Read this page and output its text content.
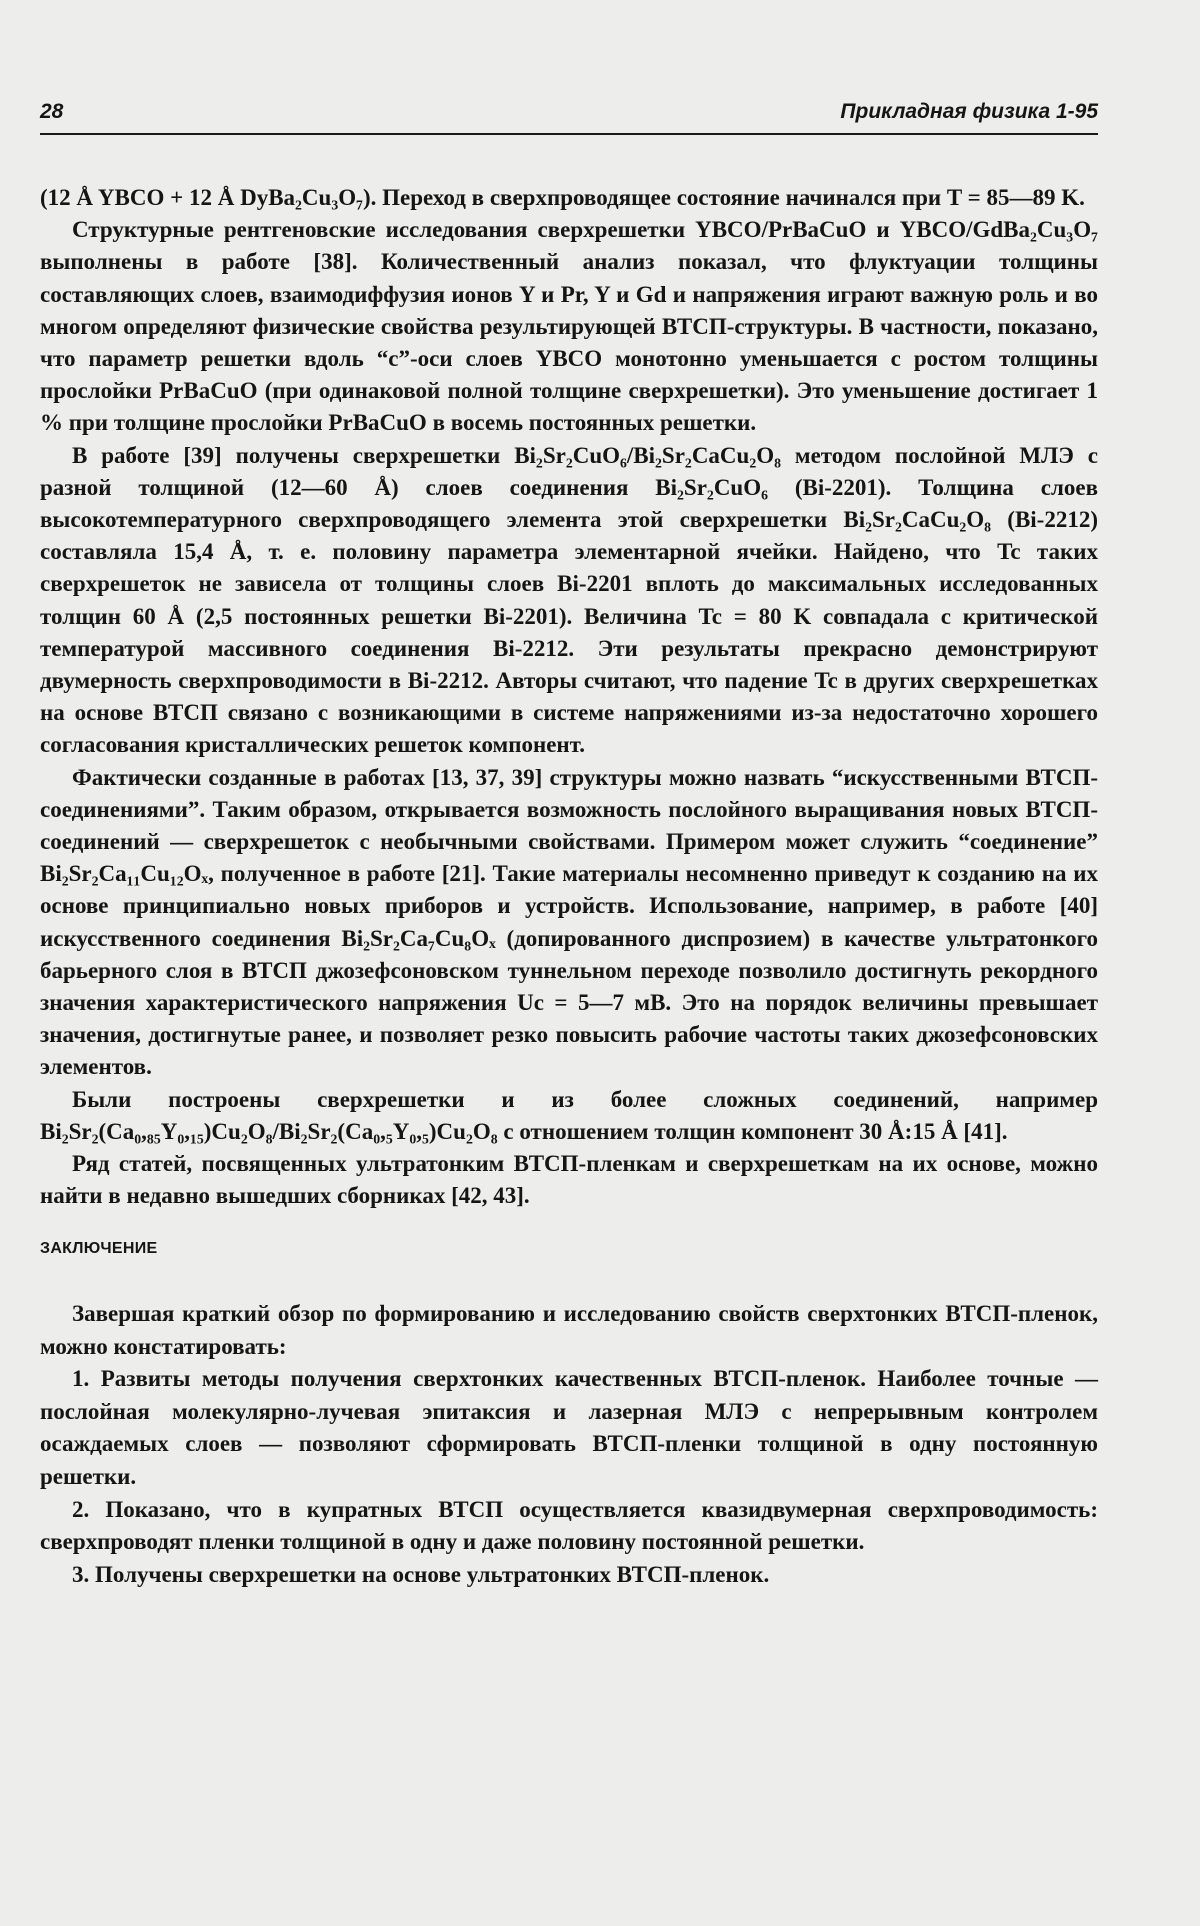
28	Прикладная физика 1-95

(12 Å YBCO + 12 Å DyBa₂Cu₃O₇). Переход в сверхпроводящее состояние начинался при T = 85—89 K.

Структурные рентгеновские исследования сверхрешетки YBCO/PrBaCuO и YBCO/GdBa₂Cu₃O₇ выполнены в работе [38]. Количественный анализ показал, что флуктуации толщины составляющих слоев, взаимодиффузия ионов Y и Pr, Y и Gd и напряжения играют важную роль и во многом определяют физические свойства результирующей ВТСП-структуры. В частности, показано, что параметр решетки вдоль “c”-оси слоев YBCO монотонно уменьшается с ростом толщины прослойки PrBaCuO (при одинаковой полной толщине сверхрешетки). Это уменьшение достигает 1 % при толщине прослойки PrBaCuO в восемь постоянных решетки.

В работе [39] получены сверхрешетки Bi₂Sr₂CuO₆/Bi₂Sr₂CaCu₂O₈ методом послойной МЛЭ с разной толщиной (12—60 Å) слоев соединения Bi₂Sr₂CuO₆ (Bi-2201). Толщина слоев высокотемпературного сверхпроводящего элемента этой сверхрешетки Bi₂Sr₂CaCu₂O₈ (Bi-2212) составляла 15,4 Å, т. е. половину параметра элементарной ячейки. Найдено, что Tc таких сверхрешеток не зависела от толщины слоев Bi-2201 вплоть до максимальных исследованных толщин 60 Å (2,5 постоянных решетки Bi-2201). Величина Tc = 80 K совпадала с критической температурой массивного соединения Bi-2212. Эти результаты прекрасно демонстрируют двумерность сверхпроводимости в Bi-2212. Авторы считают, что падение Tc в других сверхрешетках на основе ВТСП связано с возникающими в системе напряжениями из-за недостаточно хорошего согласования кристаллических решеток компонент.

Фактически созданные в работах [13, 37, 39] структуры можно назвать “искусственными ВТСП-соединениями”. Таким образом, открывается возможность послойного выращивания новых ВТСП-соединений — сверхрешеток с необычными свойствами. Примером может служить “соединение” Bi₂Sr₂Ca₁₁Cu₁₂Oₓ, полученное в работе [21]. Такие материалы несомненно приведут к созданию на их основе принципиально новых приборов и устройств. Использование, например, в работе [40] искусственного соединения Bi₂Sr₂Ca₇Cu₈Oₓ (допированного диспрозием) в качестве ультратонкого барьерного слоя в ВТСП джозефсоновском туннельном переходе позволило достигнуть рекордного значения характеристического напряжения Uc = 5—7 мВ. Это на порядок величины превышает значения, достигнутые ранее, и позволяет резко повысить рабочие частоты таких джозефсоновских элементов.

Были построены сверхрешетки и из более сложных соединений, например Bi₂Sr₂(Ca₀,₈₅Y₀,₁₅)Cu₂O₈/Bi₂Sr₂(Ca₀,₅Y₀,₅)Cu₂O₈ с отношением толщин компонент 30 Å:15 Å [41].

Ряд статей, посвященных ультратонким ВТСП-пленкам и сверхрешеткам на их основе, можно найти в недавно вышедших сборниках [42, 43].

ЗАКЛЮЧЕНИЕ

Завершая краткий обзор по формированию и исследованию свойств сверхтонких ВТСП-пленок, можно констатировать:

1. Развиты методы получения сверхтонких качественных ВТСП-пленок. Наиболее точные — послойная молекулярно-лучевая эпитаксия и лазерная МЛЭ с непрерывным контролем осаждаемых слоев — позволяют сформировать ВТСП-пленки толщиной в одну постоянную решетки.

2. Показано, что в купратных ВТСП осуществляется квазидвумерная сверхпроводимость: сверхпроводят пленки толщиной в одну и даже половину постоянной решетки.

3. Получены сверхрешетки на основе ультратонких ВТСП-пленок.
